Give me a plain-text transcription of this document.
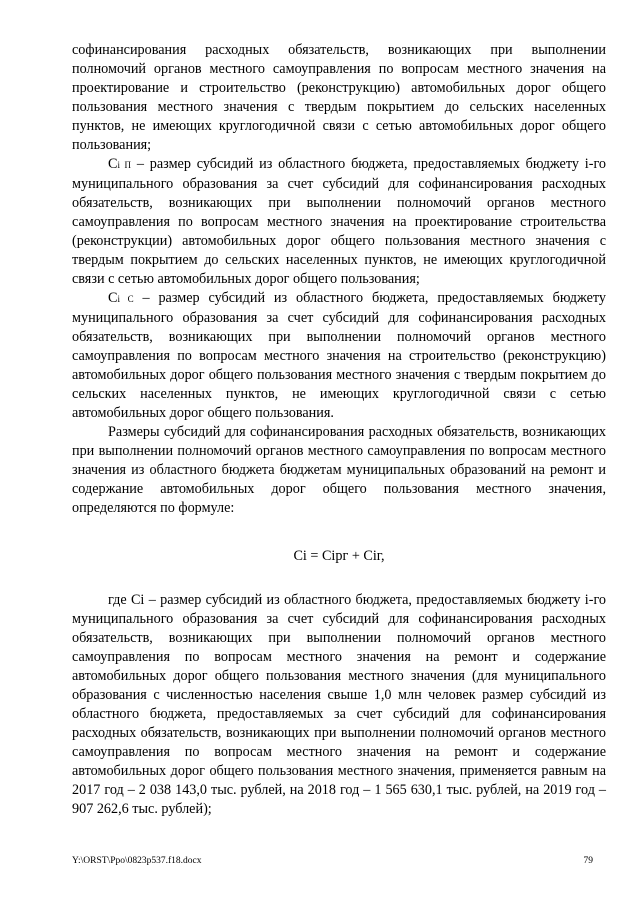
софинансирования расходных обязательств, возникающих при выполнении полномочий органов местного самоуправления по вопросам местного значения на проектирование и строительство (реконструкцию) автомобильных дорог общего пользования местного значения с твердым покрытием до сельских населенных пунктов, не имеющих круглогодичной связи с сетью автомобильных дорог общего пользования;

Ci П – размер субсидий из областного бюджета, предоставляемых бюджету i-го муниципального образования за счет субсидий для софинансирования расходных обязательств, возникающих при выполнении полномочий органов местного самоуправления по вопросам местного значения на проектирование строительства (реконструкции) автомобильных дорог общего пользования местного значения с твердым покрытием до сельских населенных пунктов, не имеющих круглогодичной связи с сетью автомобильных дорог общего пользования;

Ci С – размер субсидий из областного бюджета, предоставляемых бюджету муниципального образования за счет субсидий для софинансирования расходных обязательств, возникающих при выполнении полномочий органов местного самоуправления по вопросам местного значения на строительство (реконструкцию) автомобильных дорог общего пользования местного значения с твердым покрытием до сельских населенных пунктов, не имеющих круглогодичной связи с сетью автомобильных дорог общего пользования.

Размеры субсидий для софинансирования расходных обязательств, возникающих при выполнении полномочий органов местного самоуправления по вопросам местного значения из областного бюджета бюджетам муниципальных образований на ремонт и содержание автомобильных дорог общего пользования местного значения, определяются по формуле:

Ci = Ciрг + Ciг,

где Ci – размер субсидий из областного бюджета, предоставляемых бюджету i-го муниципального образования за счет субсидий для софинансирования расходных обязательств, возникающих при выполнении полномочий органов местного самоуправления по вопросам местного значения на ремонт и содержание автомобильных дорог общего пользования местного значения (для муниципального образования с численностью населения свыше 1,0 млн человек размер субсидий из областного бюджета, предоставляемых за счет субсидий для софинансирования расходных обязательств, возникающих при выполнении полномочий органов местного самоуправления по вопросам местного значения на ремонт и содержание автомобильных дорог общего пользования местного значения, применяется равным на 2017 год – 2 038 143,0 тыс. рублей, на 2018 год – 1 565 630,1 тыс. рублей, на 2019 год – 907 262,6 тыс. рублей);

Y:\ORST\Ppo\0823p537.f18.docx	79
